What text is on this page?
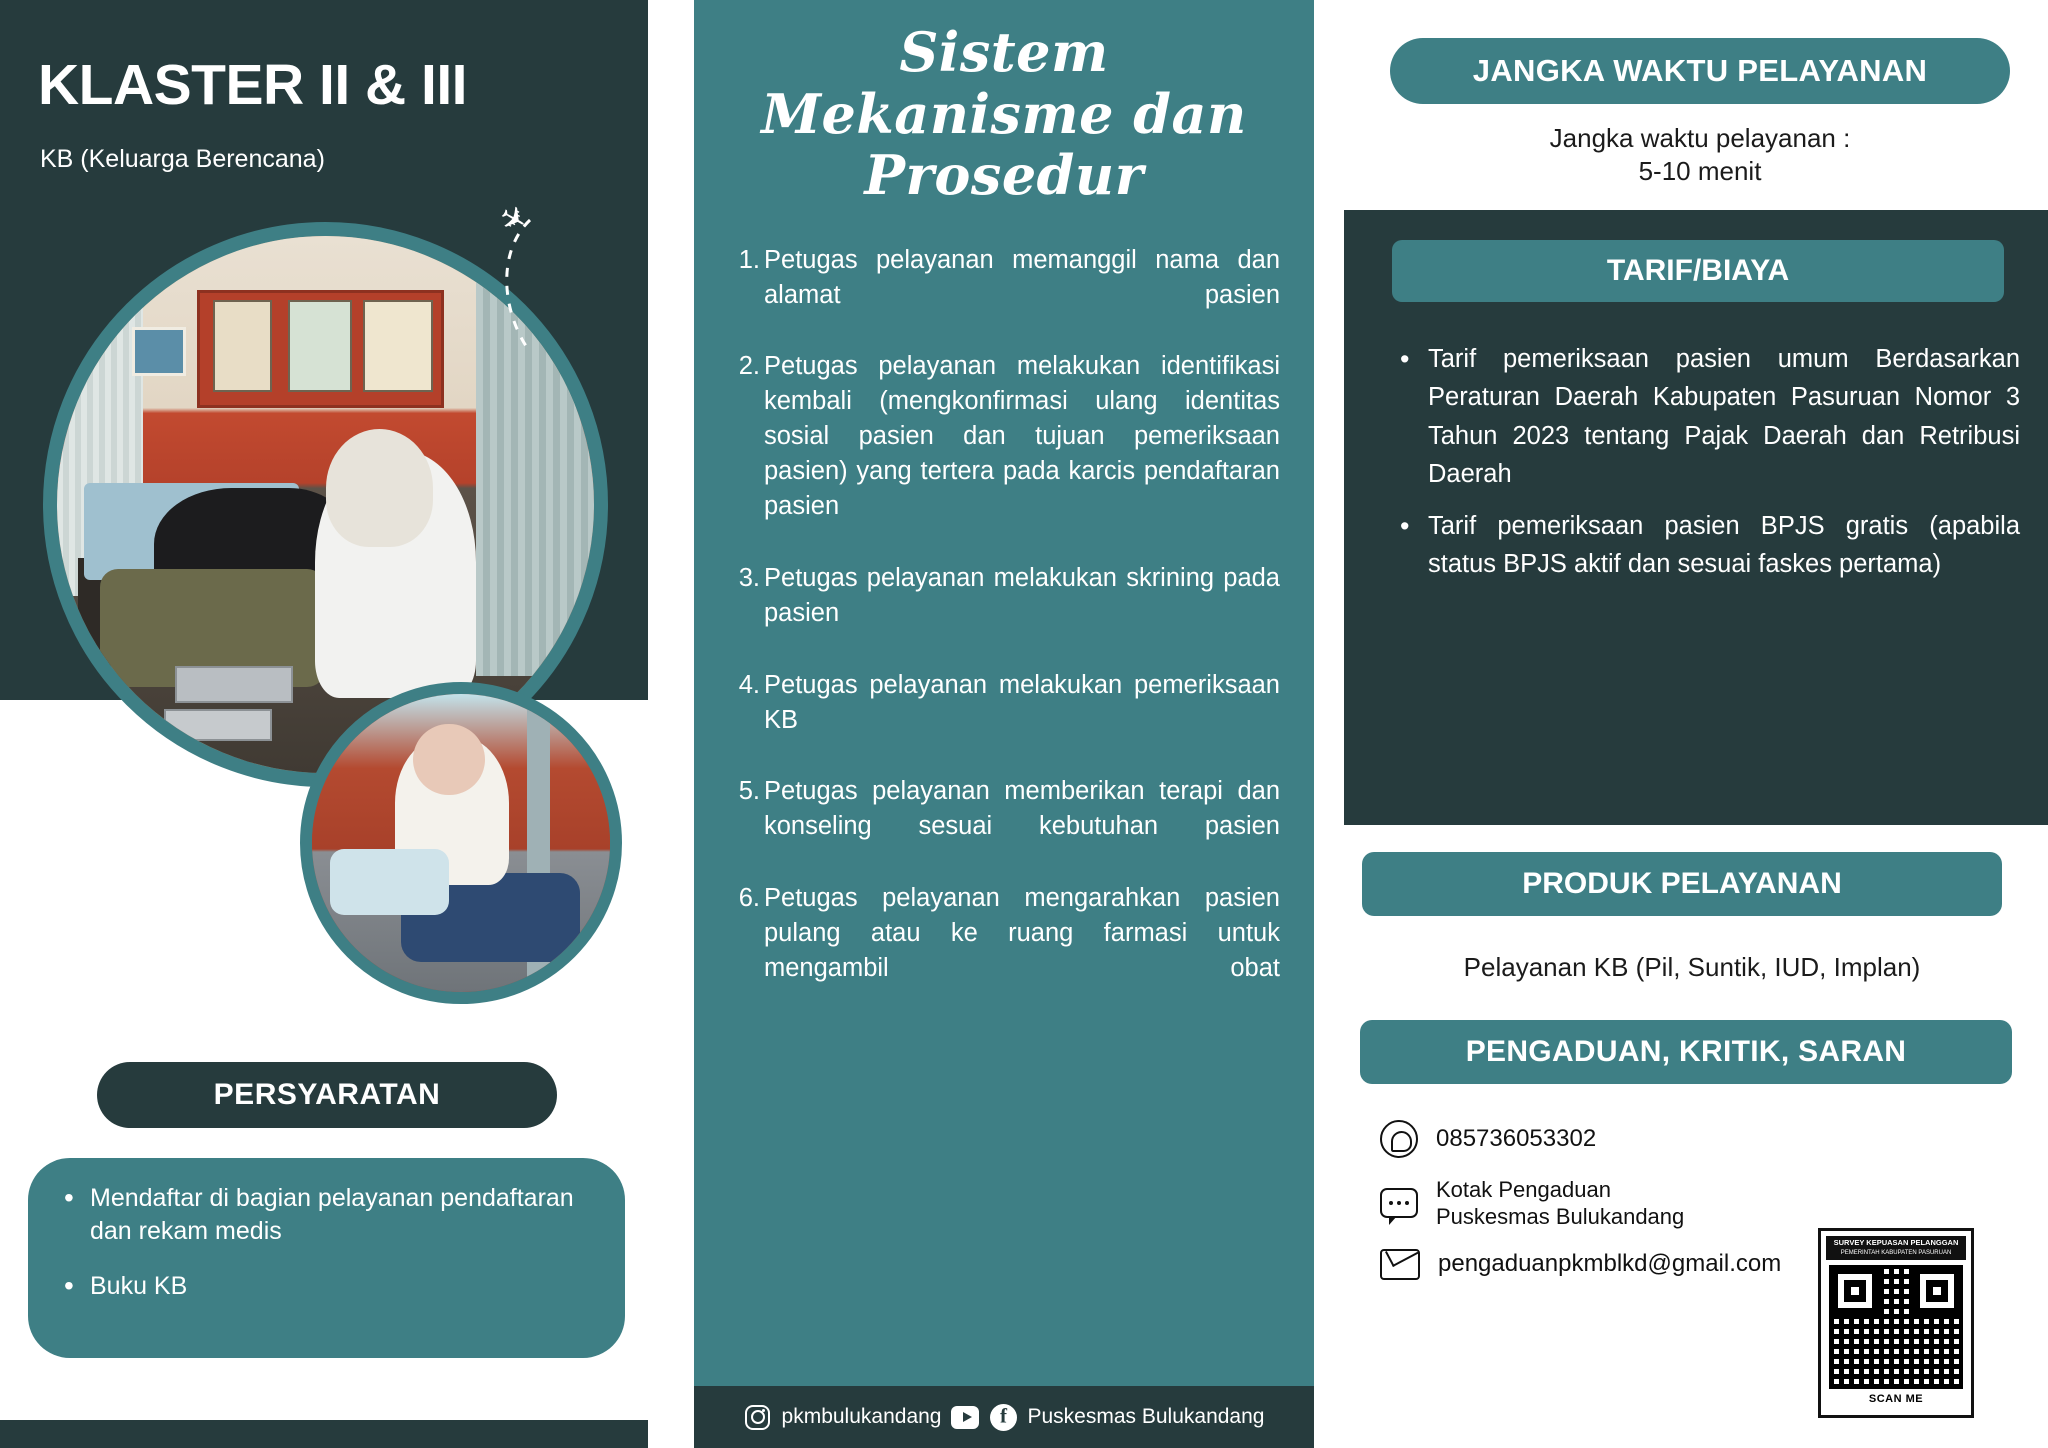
KLASTER II & III
KB (Keluarga Berencana)
✈
PERSYARATAN
• Mendaftar di bagian pelayanan pendaftaran dan rekam medis
• Buku KB
Sistem
Mekanisme dan
Prosedur
1. Petugas pelayanan memanggil nama dan alamat pasien
2. Petugas pelayanan melakukan identifikasi kembali (mengkonfirmasi ulang identitas sosial pasien dan tujuan pemeriksaan pasien) yang tertera pada karcis pendaftaran pasien
3. Petugas pelayanan melakukan skrining pada pasien
4. Petugas pelayanan melakukan pemeriksaan KB
5. Petugas pelayanan memberikan terapi dan konseling sesuai kebutuhan pasien
6. Petugas pelayanan mengarahkan pasien pulang atau ke ruang farmasi untuk mengambil obat
pkmbulukandang f	Puskesmas Bulukandang
JANGKA WAKTU PELAYANAN
Jangka waktu pelayanan :
5-10 menit
TARIF/BIAYA
• Tarif pemeriksaan pasien umum Berdasarkan Peraturan Daerah Kabupaten Pasuruan Nomor 3 Tahun 2023 tentang Pajak Daerah dan Retribusi Daerah
• Tarif pemeriksaan pasien BPJS gratis (apabila status BPJS aktif dan sesuai faskes pertama)
PRODUK PELAYANAN
Pelayanan KB (Pil, Suntik, IUD, Implan)
PENGADUAN, KRITIK, SARAN
085736053302
Kotak Pengaduan
Puskesmas Bulukandang
pengaduanpkmblkd@gmail.com
SURVEY KEPUASAN PELANGGAN
PEMERINTAH KABUPATEN PASURUAN
SCAN ME
